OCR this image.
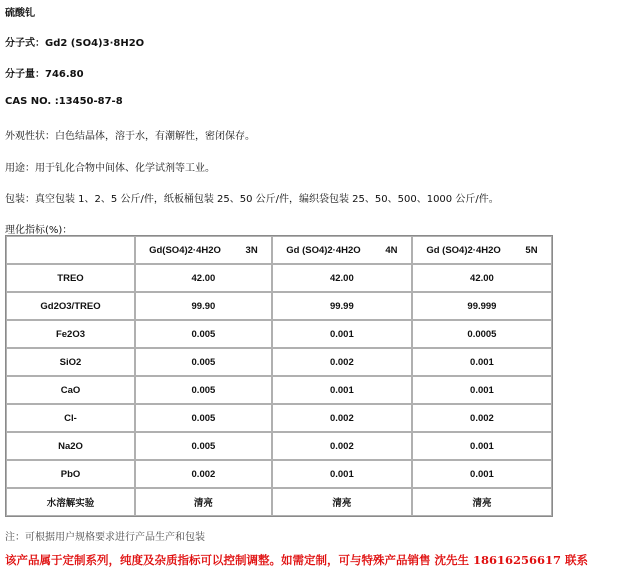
硫酸钆
分子式：Gd2 (SO4)3·8H2O
分子量：746.80
CAS NO. :13450-87-8
外观性状：白色结晶体，溶于水，有潮解性，密闭保存。
用途：用于钆化合物中间体、化学试剂等工业。
包装：真空包装 1、2、5 公斤/件，纸板桶包装 25、50 公斤/件，编织袋包装 25、50、500、1000 公斤/件。
理化指标(%)：
	Gd(SO4)2·4H2O 3N	Gd (SO4)2·4H2O 4N	Gd (SO4)2·4H2O 5N
TREO	42.00	42.00	42.00
Gd2O3/TREO	99.90	99.99	99.999
Fe2O3	0.005	0.001	0.0005
SiO2	0.005	0.002	0.001
CaO	0.005	0.001	0.001
Cl-	0.005	0.002	0.002
Na2O	0.005	0.002	0.001
PbO	0.002	0.001	0.001
水溶解实验	清亮	清亮	清亮
注：可根据用户规格要求进行产品生产和包装
该产品属于定制系列，纯度及杂质指标可以控制调整。如需定制，可与特殊产品销售 沈先生 18616256617 联系
